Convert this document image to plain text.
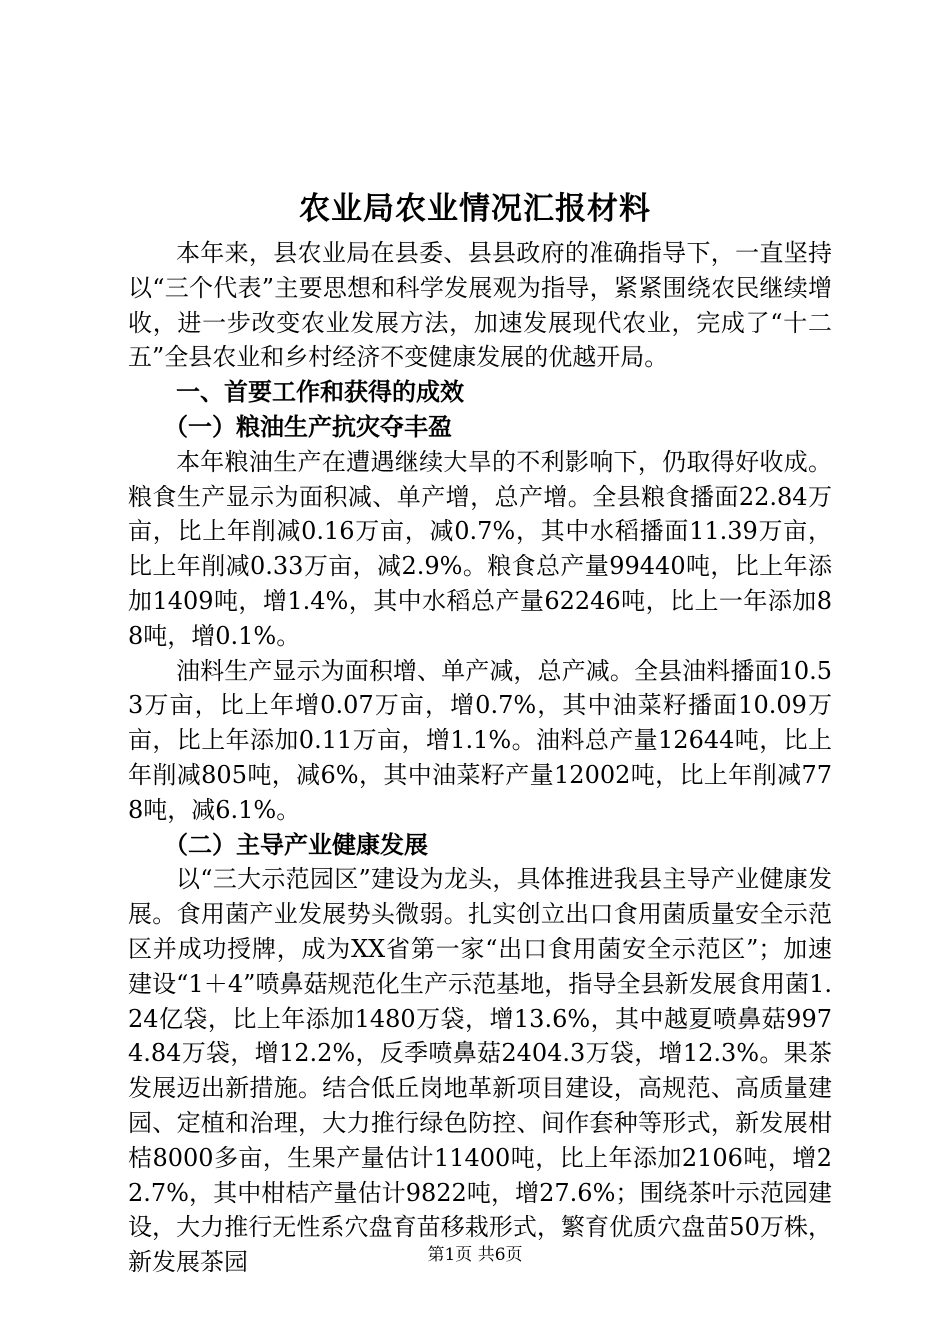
农业局农业情况汇报材料

本年来，县农业局在县委、县县政府的准确指导下，一直坚持以“三个代表”主要思想和科学发展观为指导，紧紧围绕农民继续增收，进一步改变农业发展方法，加速发展现代农业，完成了“十二五”全县农业和乡村经济不变健康发展的优越开局。

一、首要工作和获得的成效

（一）粮油生产抗灾夺丰盈

本年粮油生产在遭遇继续大旱的不利影响下，仍取得好收成。粮食生产显示为面积减、单产增，总产增。全县粮食播面22.84万亩，比上年削减0.16万亩，减0.7%，其中水稻播面11.39万亩，比上年削减0.33万亩，减2.9%。粮食总产量99440吨，比上年添加1409吨，增1.4%，其中水稻总产量62246吨，比上一年添加88吨，增0.1%。

油料生产显示为面积增、单产减，总产减。全县油料播面10.53万亩，比上年增0.07万亩，增0.7%，其中油菜籽播面10.09万亩，比上年添加0.11万亩，增1.1%。油料总产量12644吨，比上年削减805吨，减6%，其中油菜籽产量12002吨，比上年削减778吨，减6.1%。

（二）主导产业健康发展

以“三大示范园区”建设为龙头，具体推进我县主导产业健康发展。食用菌产业发展势头微弱。扎实创立出口食用菌质量安全示范区并成功授牌，成为XX省第一家“出口食用菌安全示范区”；加速建设“1＋4”喷鼻菇规范化生产示范基地，指导全县新发展食用菌1.24亿袋，比上年添加1480万袋，增13.6%，其中越夏喷鼻菇9974.84万袋，增12.2%，反季喷鼻菇2404.3万袋，增12.3%。果茶发展迈出新措施。结合低丘岗地革新项目建设，高规范、高质量建园、定植和治理，大力推行绿色防控、间作套种等形式，新发展柑桔8000多亩，生果产量估计11400吨，比上年添加2106吨，增22.7%，其中柑桔产量估计9822吨，增27.6%；围绕茶叶示范园建设，大力推行无性系穴盘育苗移栽形式，繁育优质穴盘苗50万株，新发展茶园	第1页 共6页
